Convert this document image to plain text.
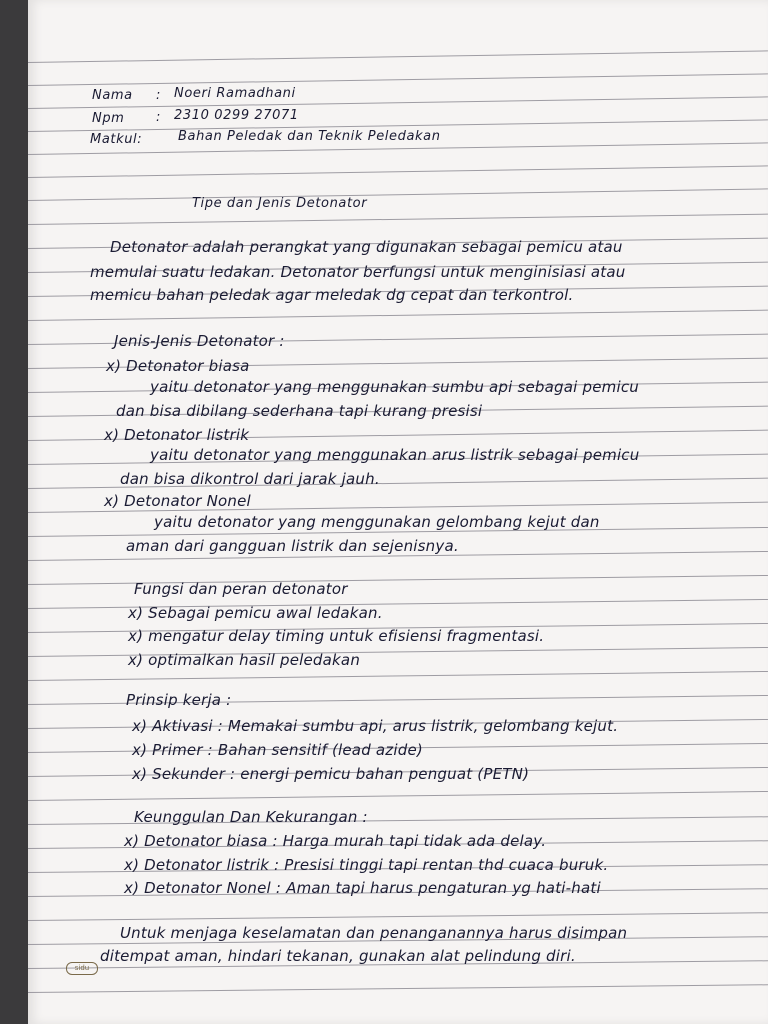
Nama : Noeri Ramadhani
Npm : 2310 0299 27071
Matkul:	Bahan Peledak dan Teknik Peledakan
Tipe dan Jenis Detonator
Detonator adalah perangkat yang digunakan sebagai pemicu atau
memulai suatu ledakan. Detonator berfungsi untuk menginisiasi atau
memicu bahan peledak agar meledak dg cepat dan terkontrol.
Jenis-Jenis Detonator :
x) Detonator biasa
yaitu detonator yang menggunakan sumbu api sebagai pemicu
dan bisa dibilang sederhana tapi kurang presisi
x) Detonator listrik
yaitu detonator yang menggunakan arus listrik sebagai pemicu
dan bisa dikontrol dari jarak jauh.
x) Detonator Nonel
yaitu detonator yang menggunakan gelombang kejut dan
aman dari gangguan listrik dan sejenisnya.
Fungsi dan peran detonator
x) Sebagai pemicu awal ledakan.
x) mengatur delay timing untuk efisiensi fragmentasi.
x) optimalkan hasil peledakan
Prinsip kerja :
x) Aktivasi : Memakai sumbu api, arus listrik, gelombang kejut.
x) Primer : Bahan sensitif (lead azide)
x) Sekunder : energi pemicu bahan penguat (PETN)
Keunggulan Dan Kekurangan :
x) Detonator biasa : Harga murah tapi tidak ada delay.
x) Detonator listrik : Presisi tinggi tapi rentan thd cuaca buruk.
x) Detonator Nonel : Aman tapi harus pengaturan yg hati-hati
Untuk menjaga keselamatan dan penanganannya harus disimpan
ditempat aman, hindari tekanan, gunakan alat pelindung diri.
sidu
